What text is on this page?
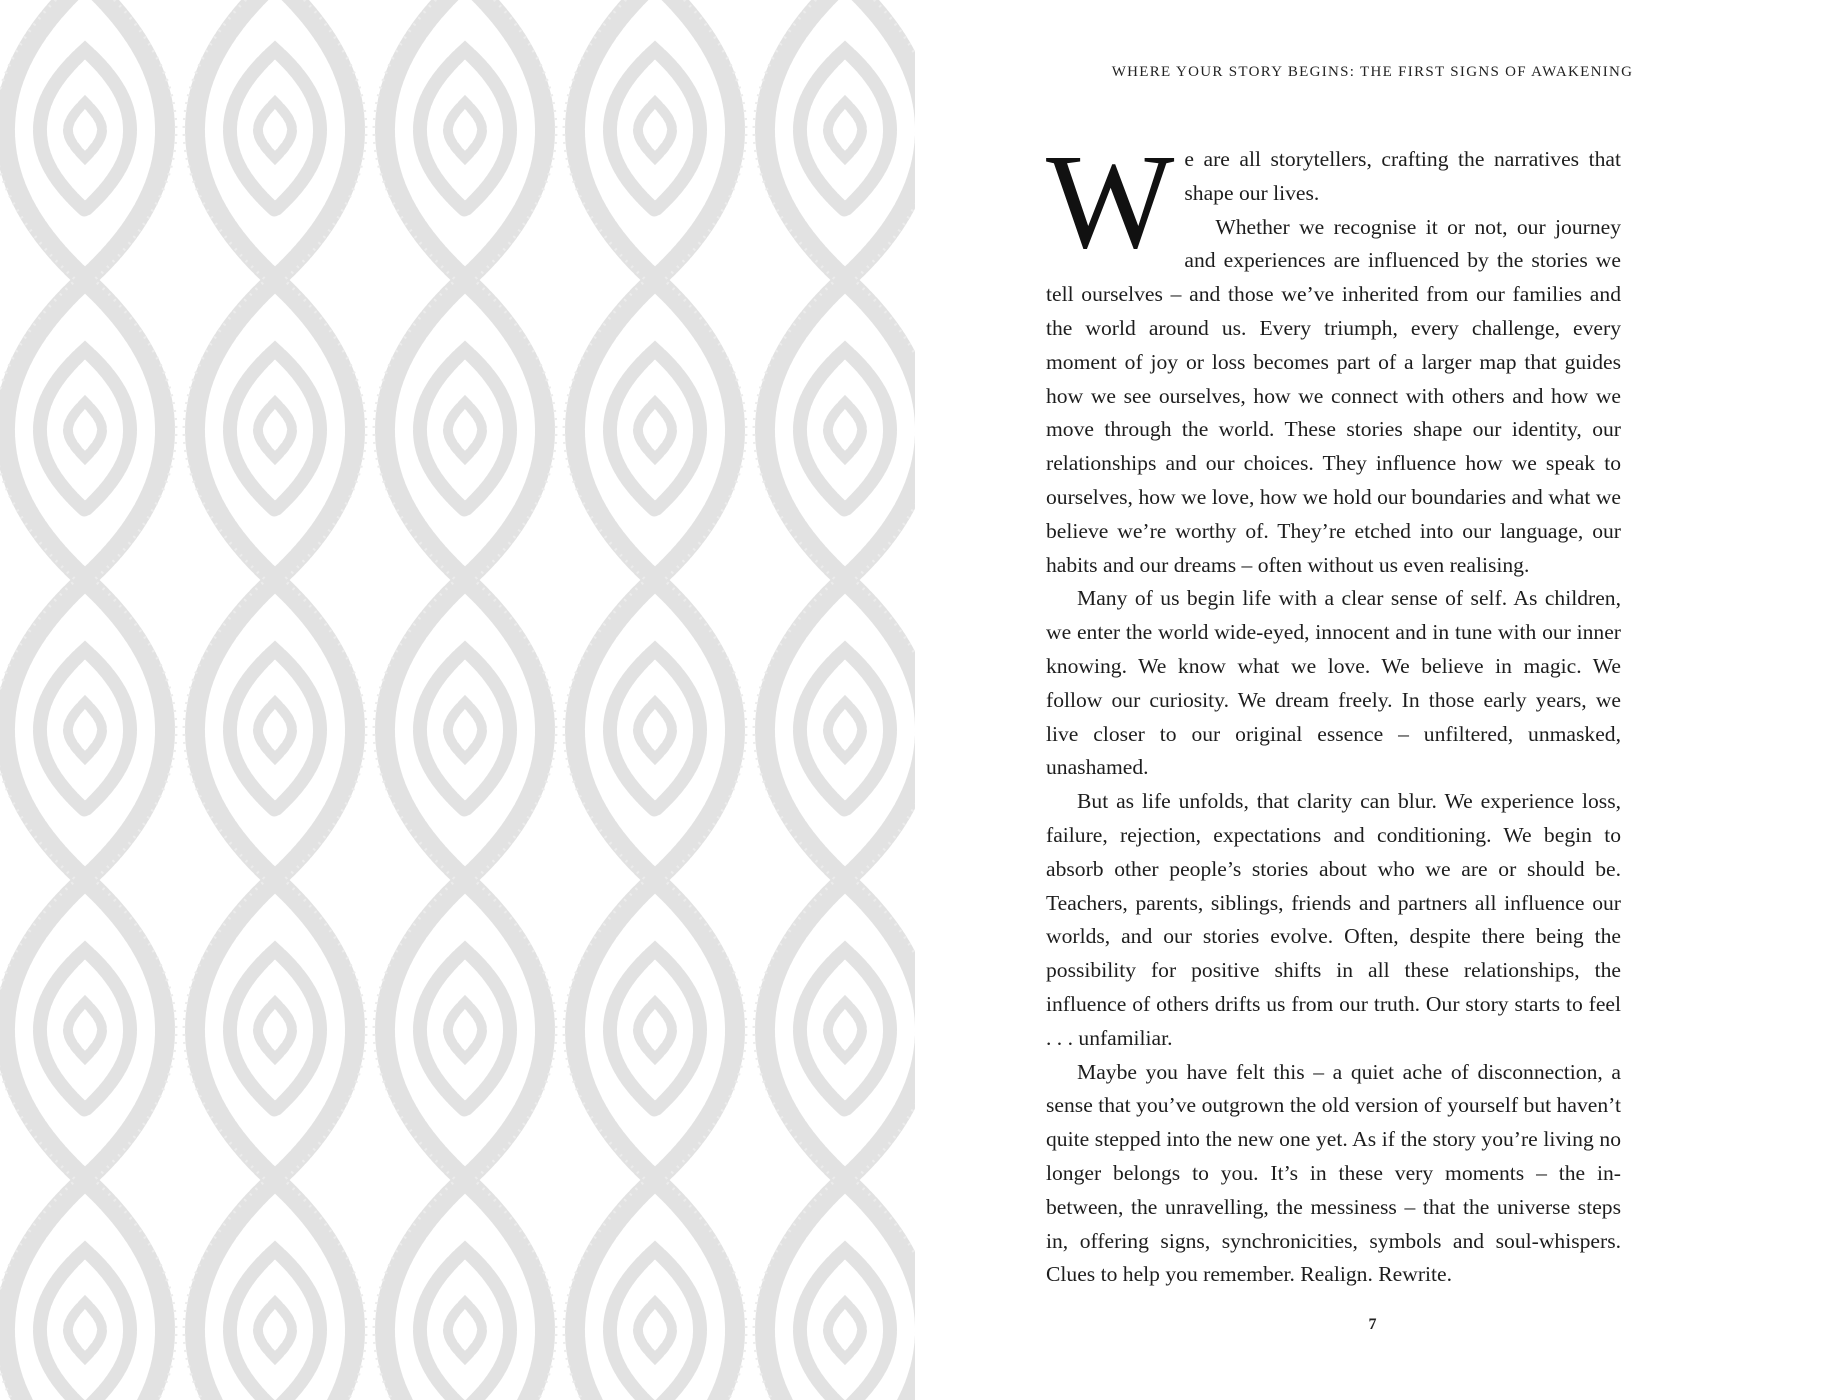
WHERE YOUR STORY BEGINS: THE FIRST SIGNS OF AWAKENING

We are all storytellers, crafting the narratives that shape our lives.

Whether we recognise it or not, our journey and experiences are influenced by the stories we tell ourselves – and those we’ve inherited from our families and the world around us. Every triumph, every challenge, every moment of joy or loss becomes part of a larger map that guides how we see ourselves, how we connect with others and how we move through the world. These stories shape our identity, our relationships and our choices. They influence how we speak to ourselves, how we love, how we hold our boundaries and what we believe we’re worthy of. They’re etched into our language, our habits and our dreams – often without us even realising.

Many of us begin life with a clear sense of self. As children, we enter the world wide-eyed, innocent and in tune with our inner knowing. We know what we love. We believe in magic. We follow our curiosity. We dream freely. In those early years, we live closer to our original essence – unfiltered, unmasked, unashamed.

But as life unfolds, that clarity can blur. We experience loss, failure, rejection, expectations and conditioning. We begin to absorb other people’s stories about who we are or should be. Teachers, parents, siblings, friends and partners all influence our worlds, and our stories evolve. Often, despite there being the possibility for positive shifts in all these relationships, the influence of others drifts us from our truth. Our story starts to feel . . . unfamiliar.

Maybe you have felt this – a quiet ache of disconnection, a sense that you’ve outgrown the old version of yourself but haven’t quite stepped into the new one yet. As if the story you’re living no longer belongs to you. It’s in these very moments – the in-between, the unravelling, the messiness – that the universe steps in, offering signs, synchronicities, symbols and soul-whispers. Clues to help you remember. Realign. Rewrite.

7
